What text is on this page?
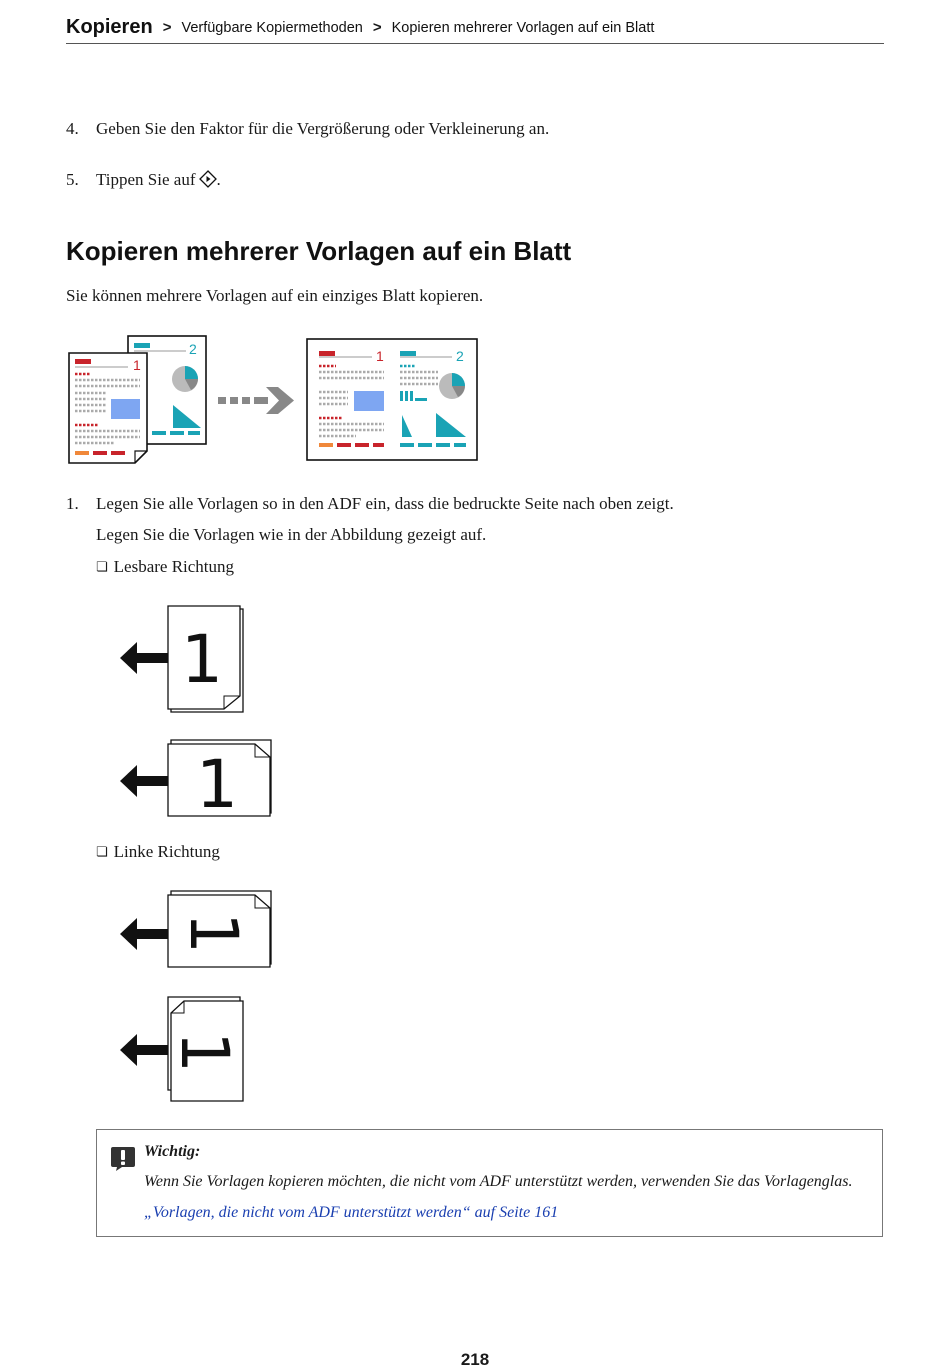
Kopieren > Verfügbare Kopiermethoden > Kopieren mehrerer Vorlagen auf ein Blatt
4.	Geben Sie den Faktor für die Vergrößerung oder Verkleinerung an.
5.	Tippen Sie auf .
Kopieren mehrerer Vorlagen auf ein Blatt
Sie können mehrere Vorlagen auf ein einziges Blatt kopieren.
2
1
1	2
1.	Legen Sie alle Vorlagen so in den ADF ein, dass die bedruckte Seite nach oben zeigt.
Legen Sie die Vorlagen wie in der Abbildung gezeigt auf.
❏ Lesbare Richtung
1
1
❏ Linke Richtung
1
1
Wichtig:
Wenn Sie Vorlagen kopieren möchten, die nicht vom ADF unterstützt werden, verwenden Sie das Vorlagenglas.
„Vorlagen, die nicht vom ADF unterstützt werden“ auf Seite 161
218
